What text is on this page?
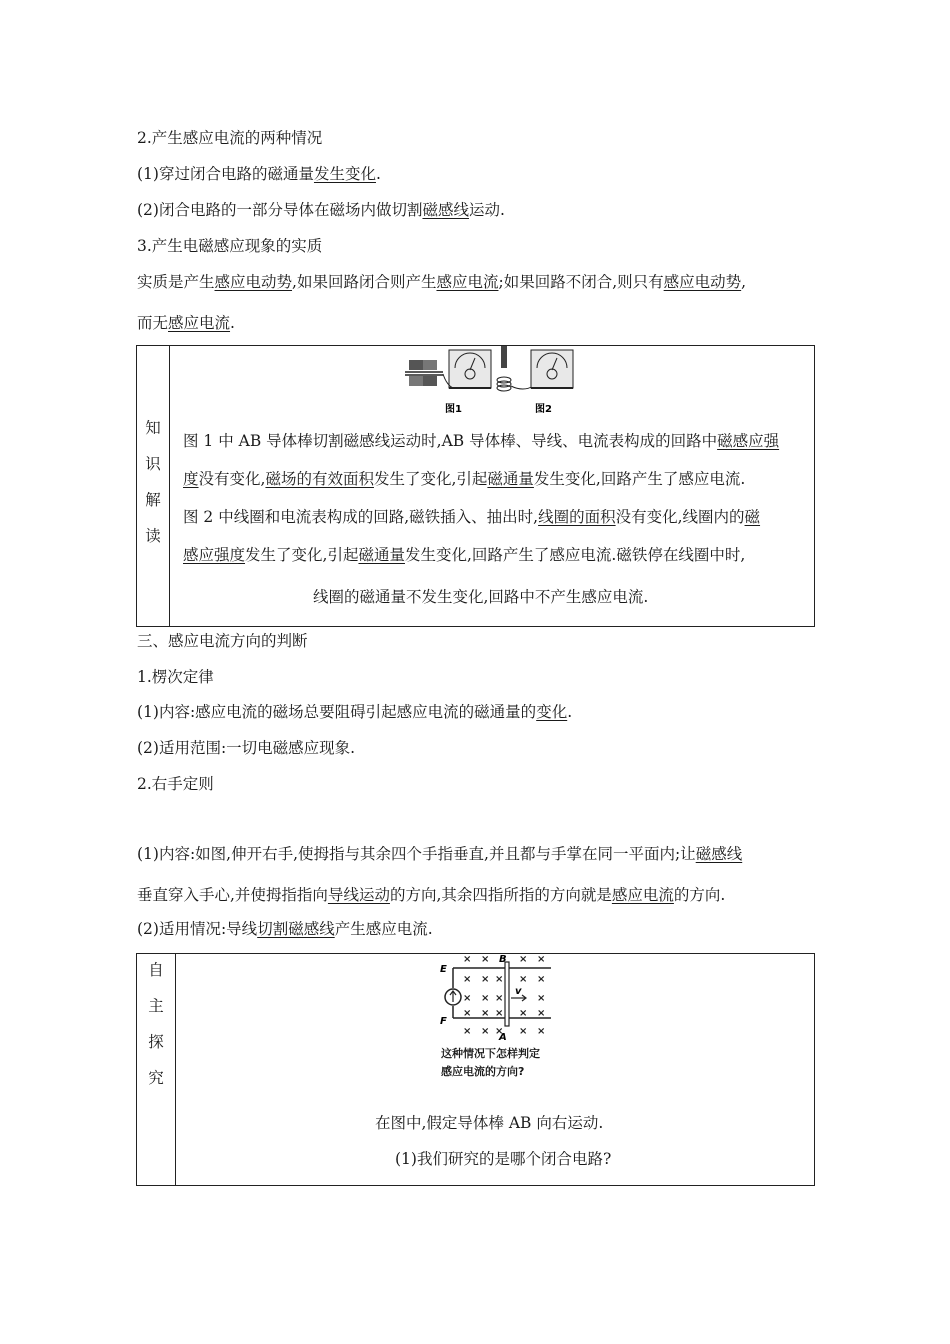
2.产生感应电流的两种情况
(1)穿过闭合电路的磁通量发生变化.
(2)闭合电路的一部分导体在磁场内做切割磁感线运动.
3.产生电磁感应现象的实质
实质是产生感应电动势,如果回路闭合则产生感应电流;如果回路不闭合,则只有感应电动势,
而无感应电流.
知
识
解
读
图1	图2
图 1 中 AB 导体棒切割磁感线运动时,AB 导体棒、导线、电流表构成的回路中磁感应强
度没有变化,磁场的有效面积发生了变化,引起磁通量发生变化,回路产生了感应电流.
图 2 中线圈和电流表构成的回路,磁铁插入、抽出时,线圈的面积没有变化,线圈内的磁
感应强度发生了变化,引起磁通量发生变化,回路产生了感应电流.磁铁停在线圈中时,
线圈的磁通量不发生变化,回路中不产生感应电流.
三、感应电流方向的判断
1.楞次定律
(1)内容:感应电流的磁场总要阻碍引起感应电流的磁通量的变化.
(2)适用范围:一切电磁感应现象.
2.右手定则
(1)内容:如图,伸开右手,使拇指与其余四个手指垂直,并且都与手掌在同一平面内;让磁感线
垂直穿入手心,并使拇指指向导线运动的方向,其余四指所指的方向就是感应电流的方向.
(2)适用情况:导线切割磁感线产生感应电流.
自
主
探
究
× ×	× ×
× × × × ×
× × ×	×
× × × × ×
× × × × ×
v
E
F
B
A
这种情况下怎样判定
感应电流的方向?
在图中,假定导体棒 AB 向右运动.
(1)我们研究的是哪个闭合电路?
